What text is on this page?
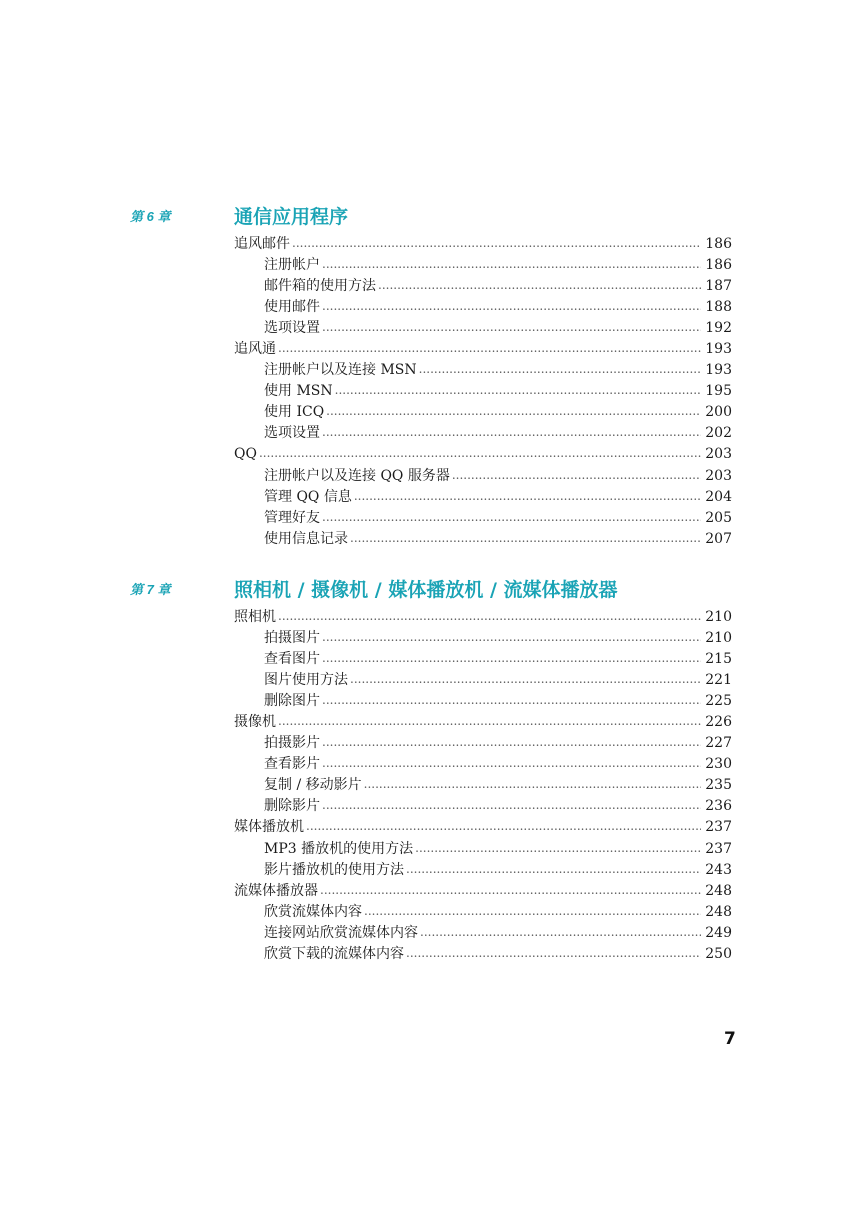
第 6 章	通信应用程序
追风邮件 .....	186
注册帐户 .....	186
邮件箱的使用方法 .....	187
使用邮件 .....	188
选项设置 .....	192
追风通 .....	193
注册帐户以及连接 MSN .....	193
使用 MSN .....	195
使用 ICQ .....	200
选项设置 .....	202
QQ .....	203
注册帐户以及连接 QQ 服务器 .....	203
管理 QQ 信息 .....	204
管理好友 .....	205
使用信息记录 .....	207
第 7 章	照相机 / 摄像机 / 媒体播放机 / 流媒体播放器
照相机 .....	210
拍摄图片 .....	210
查看图片 .....	215
图片使用方法 .....	221
删除图片 .....	225
摄像机 .....	226
拍摄影片 .....	227
查看影片 .....	230
复制 / 移动影片 .....	235
删除影片 .....	236
媒体播放机 .....	237
MP3 播放机的使用方法 .....	237
影片播放机的使用方法 .....	243
流媒体播放器 .....	248
欣赏流媒体内容 .....	248
连接网站欣赏流媒体内容 .....	249
欣赏下载的流媒体内容 .....	250
7
